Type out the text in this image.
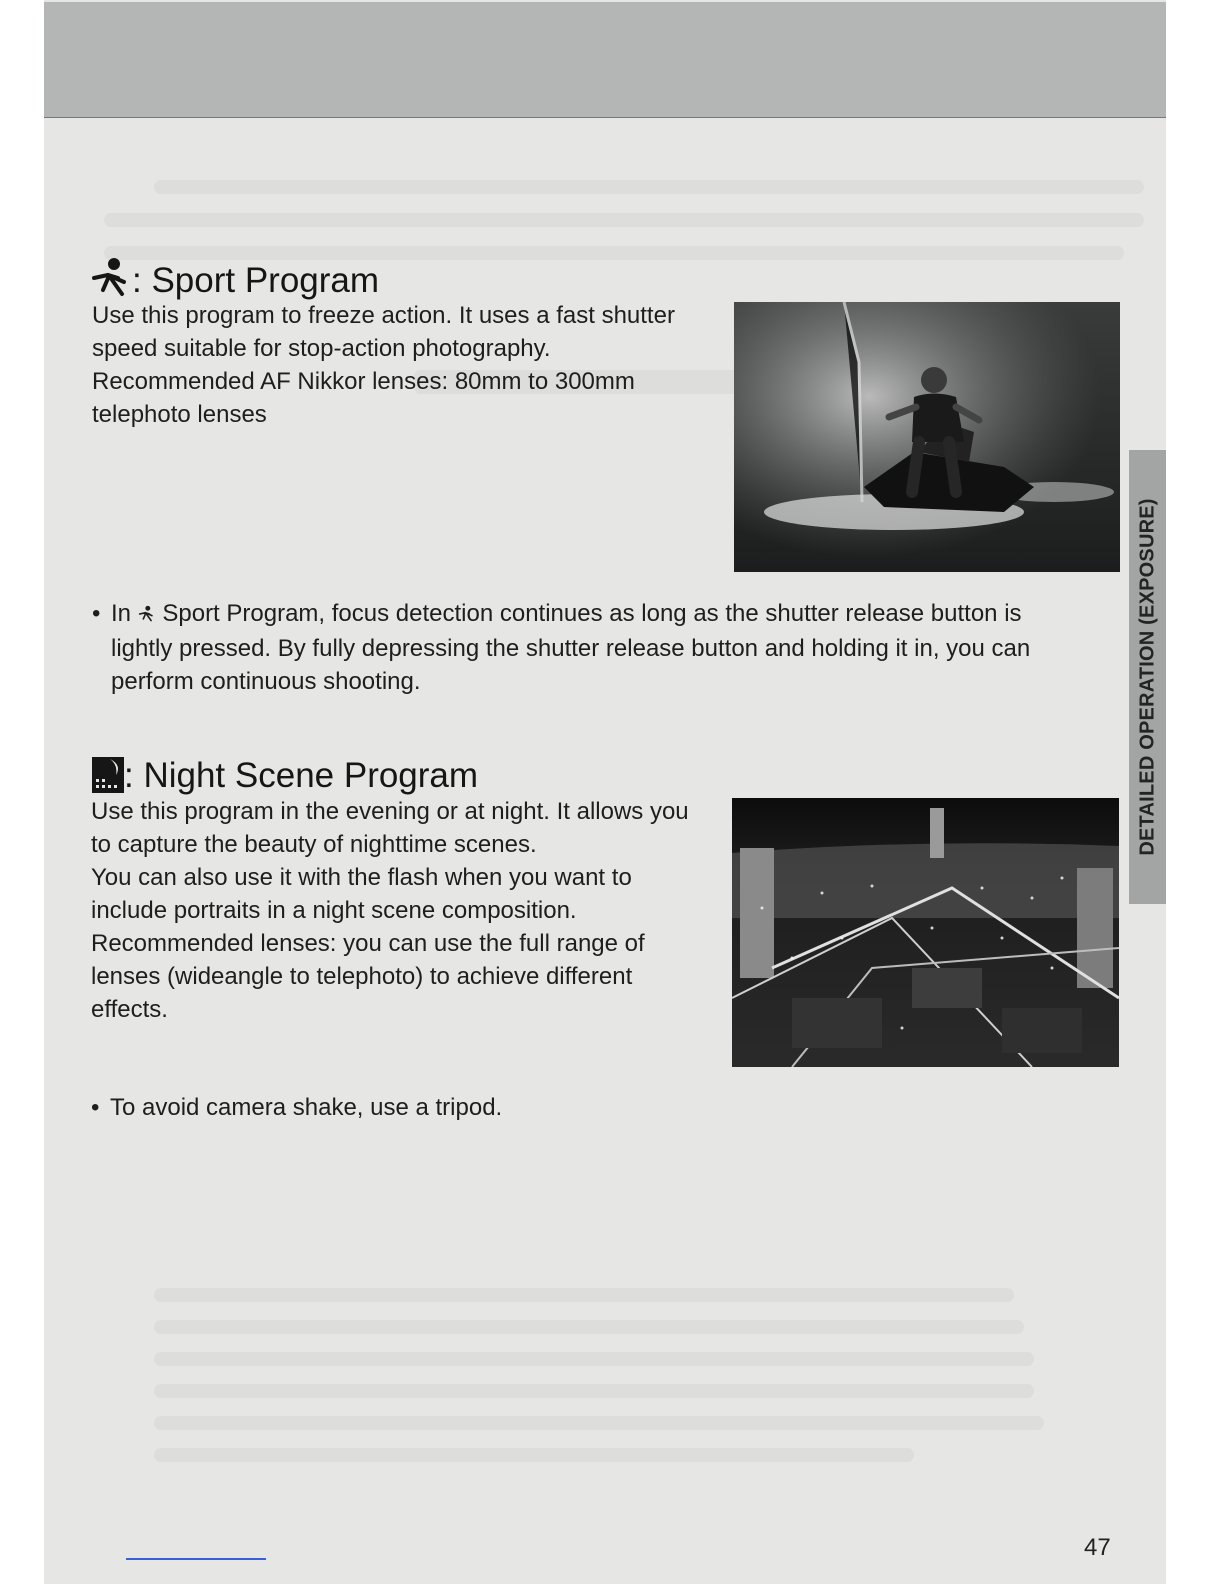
: Sport Program

Use this program to freeze action. It uses a fast shutter speed suitable for stop-action photography.
Recommended AF Nikkor lenses: 80mm to 300mm telephoto lenses

• In Sport Program, focus detection continues as long as the shutter release button is lightly pressed. By fully depressing the shutter release button and holding it in, you can perform continuous shooting.

: Night Scene Program

Use this program in the evening or at night. It allows you to capture the beauty of nighttime scenes.
You can also use it with the flash when you want to include portraits in a night scene composition.
Recommended lenses: you can use the full range of lenses (wideangle to telephoto) to achieve different effects.

• To avoid camera shake, use a tripod.

DETAILED OPERATION (EXPOSURE)
47
